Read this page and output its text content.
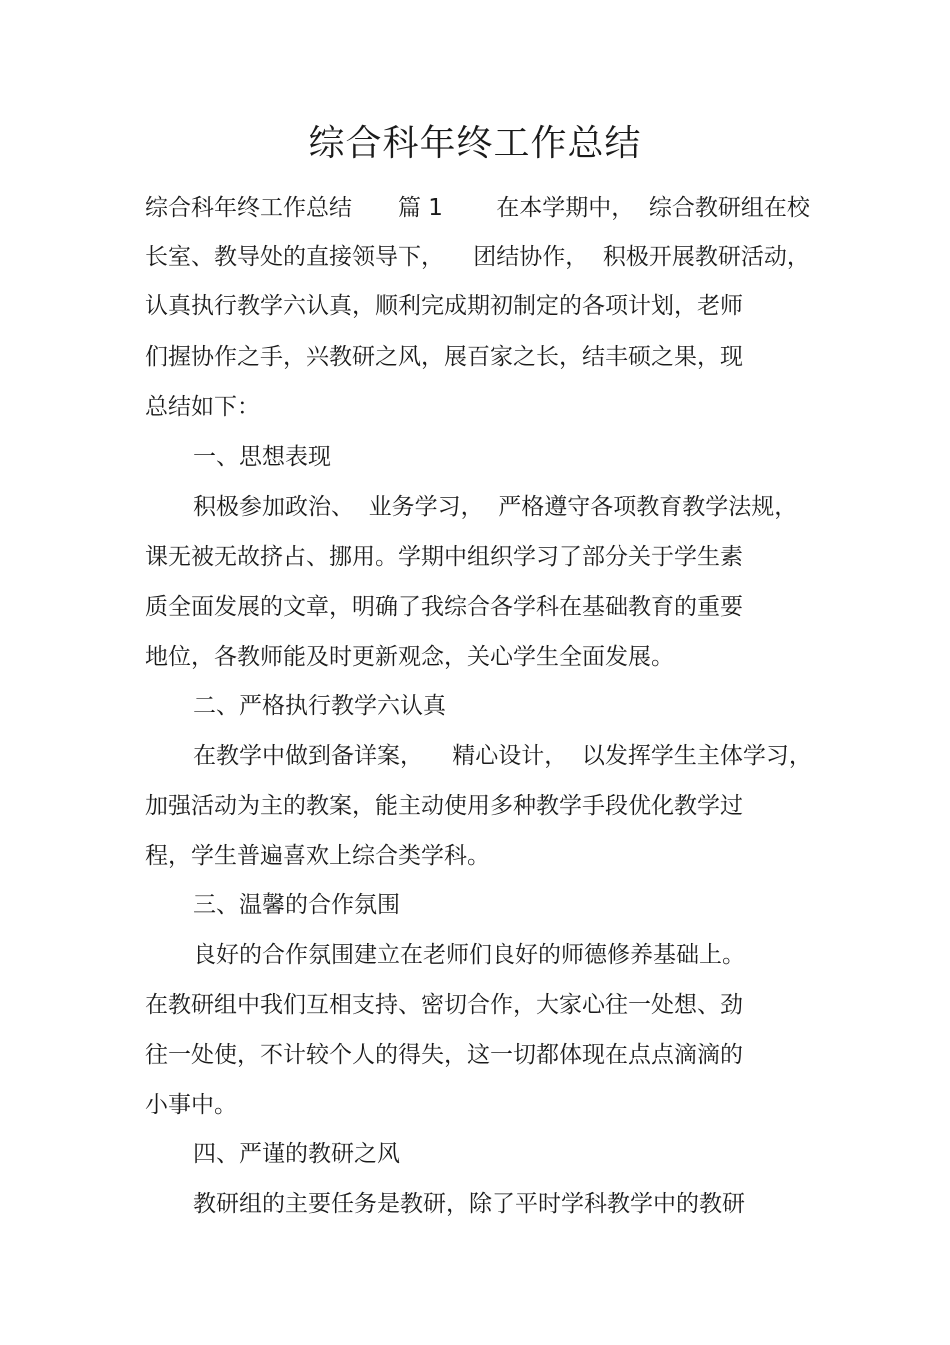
综合科年终工作总结

综合科年终工作总结　　篇 1　　 在本学期中，  综合教研组在校

长室、教导处的直接领导下，    团结协作，  积极开展教研活动，

认真执行教学六认真，顺利完成期初制定的各项计划，老师

们握协作之手，兴教研之风，展百家之长，结丰硕之果，现

总结如下：

一、思想表现

积极参加政治、  业务学习，  严格遵守各项教育教学法规，

课无被无故挤占、挪用。学期中组织学习了部分关于学生素

质全面发展的文章，明确了我综合各学科在基础教育的重要

地位，各教师能及时更新观念，关心学生全面发展。

二、严格执行教学六认真

在教学中做到备详案，    精心设计，  以发挥学生主体学习，

加强活动为主的教案，能主动使用多种教学手段优化教学过

程，学生普遍喜欢上综合类学科。

三、温馨的合作氛围

良好的合作氛围建立在老师们良好的师德修养基础上。

在教研组中我们互相支持、密切合作，大家心往一处想、劲

往一处使，不计较个人的得失，这一切都体现在点点滴滴的

小事中。

四、严谨的教研之风

教研组的主要任务是教研，除了平时学科教学中的教研
